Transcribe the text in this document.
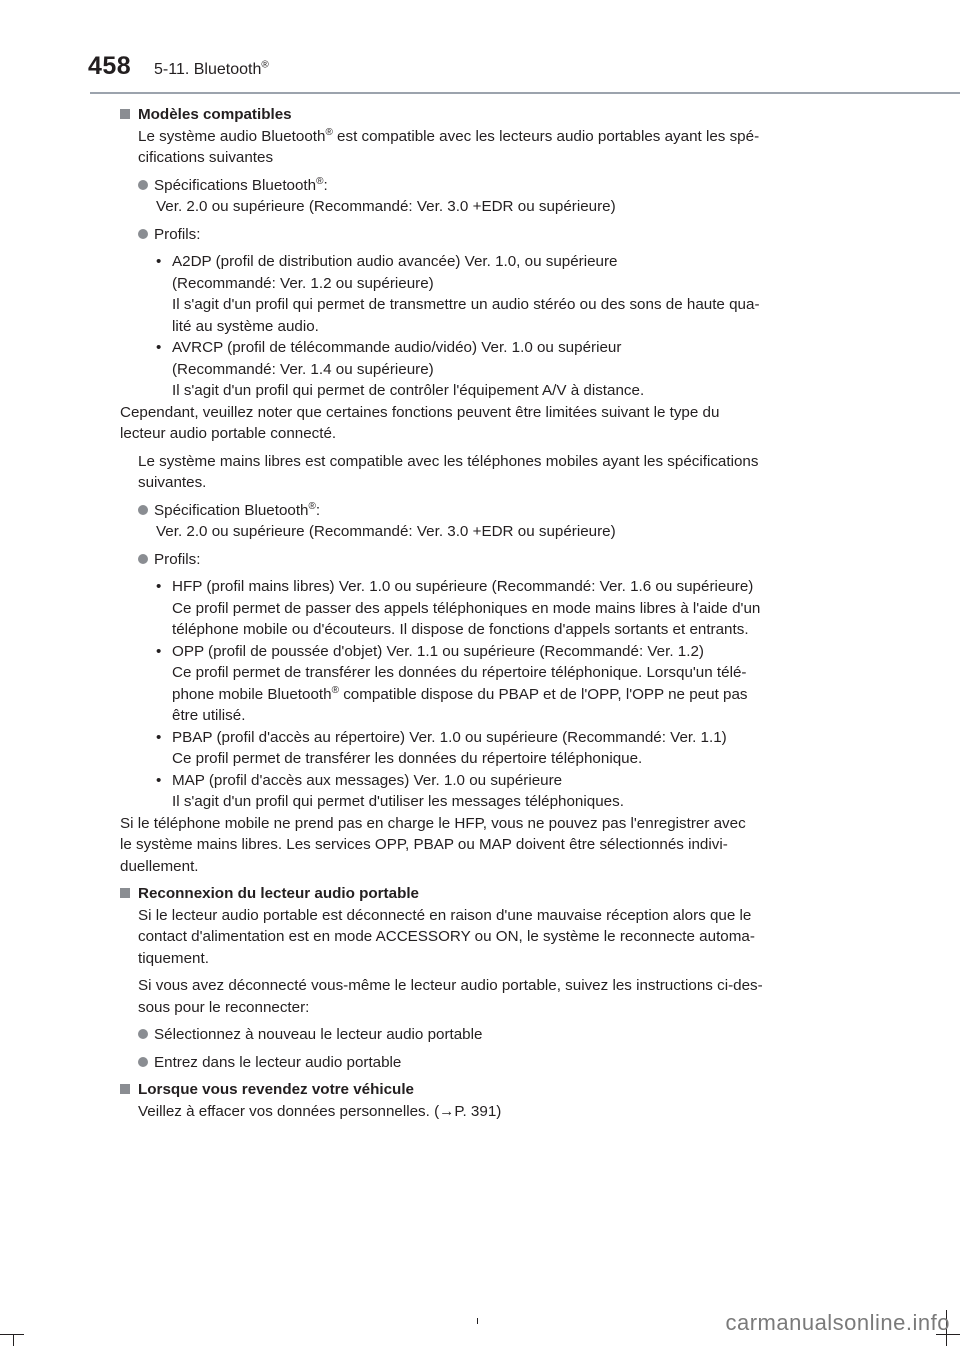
458 5-11. Bluetooth®
Modèles compatibles
Le système audio Bluetooth® est compatible avec les lecteurs audio portables ayant les spé-
cifications suivantes
Spécifications Bluetooth®:
Ver. 2.0 ou supérieure (Recommandé: Ver. 3.0 +EDR ou supérieure)
Profils:
• A2DP (profil de distribution audio avancée) Ver. 1.0, ou supérieure
(Recommandé: Ver. 1.2 ou supérieure)
Il s'agit d'un profil qui permet de transmettre un audio stéréo ou des sons de haute qua-
lité au système audio.
• AVRCP (profil de télécommande audio/vidéo) Ver. 1.0 ou supérieur
(Recommandé: Ver. 1.4 ou supérieure)
Il s'agit d'un profil qui permet de contrôler l'équipement A/V à distance.
Cependant, veuillez noter que certaines fonctions peuvent être limitées suivant le type du
lecteur audio portable connecté.
Le système mains libres est compatible avec les téléphones mobiles ayant les spécifications
suivantes.
Spécification Bluetooth®:
Ver. 2.0 ou supérieure (Recommandé: Ver. 3.0 +EDR ou supérieure)
Profils:
• HFP (profil mains libres) Ver. 1.0 ou supérieure (Recommandé: Ver. 1.6 ou supérieure)
Ce profil permet de passer des appels téléphoniques en mode mains libres à l'aide d'un
téléphone mobile ou d'écouteurs. Il dispose de fonctions d'appels sortants et entrants.
• OPP (profil de poussée d'objet) Ver. 1.1 ou supérieure (Recommandé: Ver. 1.2)
Ce profil permet de transférer les données du répertoire téléphonique. Lorsqu'un télé-
phone mobile Bluetooth® compatible dispose du PBAP et de l'OPP, l'OPP ne peut pas
être utilisé.
• PBAP (profil d'accès au répertoire) Ver. 1.0 ou supérieure (Recommandé: Ver. 1.1)
Ce profil permet de transférer les données du répertoire téléphonique.
• MAP (profil d'accès aux messages) Ver. 1.0 ou supérieure
Il s'agit d'un profil qui permet d'utiliser les messages téléphoniques.
Si le téléphone mobile ne prend pas en charge le HFP, vous ne pouvez pas l'enregistrer avec
le système mains libres. Les services OPP, PBAP ou MAP doivent être sélectionnés indivi-
duellement.
Reconnexion du lecteur audio portable
Si le lecteur audio portable est déconnecté en raison d'une mauvaise réception alors que le
contact d'alimentation est en mode ACCESSORY ou ON, le système le reconnecte automa-
tiquement.
Si vous avez déconnecté vous-même le lecteur audio portable, suivez les instructions ci-des-
sous pour le reconnecter:
Sélectionnez à nouveau le lecteur audio portable
Entrez dans le lecteur audio portable
Lorsque vous revendez votre véhicule
Veillez à effacer vos données personnelles. (→P. 391)
carmanualsonline.info
